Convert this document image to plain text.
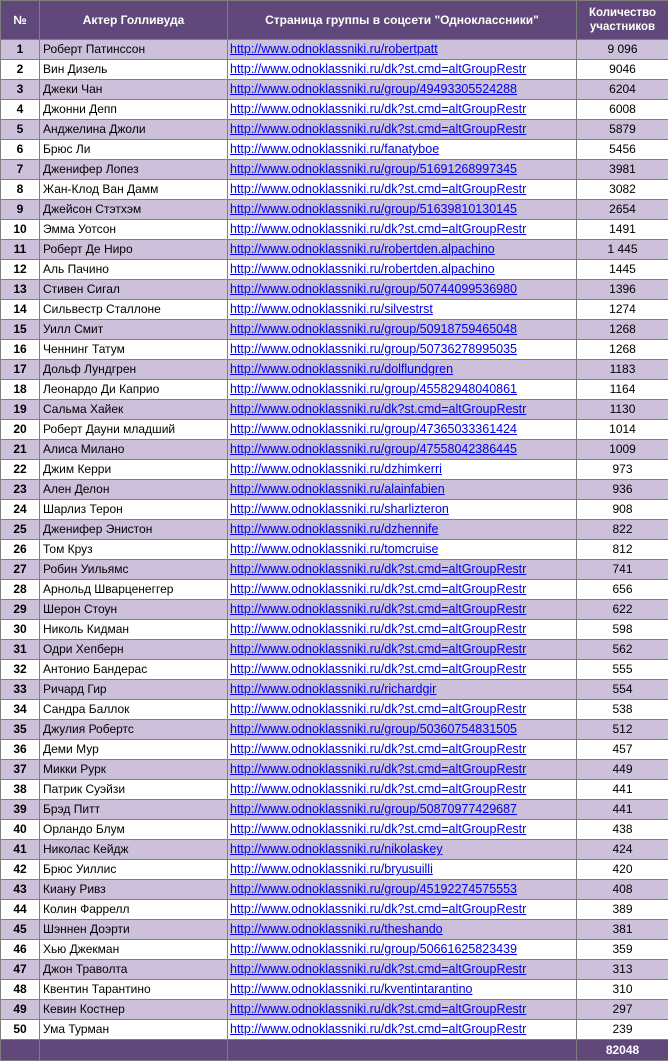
№	Актер Голливуда	Страница группы в соцсети "Одноклассники"	Количество
участников
1	Роберт Патинссон	http://www.odnoklassniki.ru/robertpatt	9 096
2	Вин Дизель	http://www.odnoklassniki.ru/dk?st.cmd=altGroupRestr	9046
3	Джеки Чан	http://www.odnoklassniki.ru/group/49493305524288	6204
4	Джонни Депп	http://www.odnoklassniki.ru/dk?st.cmd=altGroupRestr	6008
5	Анджелина Джоли	http://www.odnoklassniki.ru/dk?st.cmd=altGroupRestr	5879
6	Брюс Ли	http://www.odnoklassniki.ru/fanatyboe	5456
7	Дженифер Лопез	http://www.odnoklassniki.ru/group/51691268997345	3981
8	Жан-Клод Ван Дамм	http://www.odnoklassniki.ru/dk?st.cmd=altGroupRestr	3082
9	Джейсон Стэтхэм	http://www.odnoklassniki.ru/group/51639810130145	2654
10	Эмма Уотсон	http://www.odnoklassniki.ru/dk?st.cmd=altGroupRestr	1491
11	Роберт Де Ниро	http://www.odnoklassniki.ru/robertden.alpachino	1 445
12	Аль Пачино	http://www.odnoklassniki.ru/robertden.alpachino	1445
13	Стивен Сигал	http://www.odnoklassniki.ru/group/50744099536980	1396
14	Сильвестр Сталлоне	http://www.odnoklassniki.ru/silvestrst	1274
15	Уилл Смит	http://www.odnoklassniki.ru/group/50918759465048	1268
16	Ченнинг Татум	http://www.odnoklassniki.ru/group/50736278995035	1268
17	Дольф Лундгрен	http://www.odnoklassniki.ru/dolflundgren	1183
18	Леонардо Ди Каприо	http://www.odnoklassniki.ru/group/45582948040861	1164
19	Сальма Хайек	http://www.odnoklassniki.ru/dk?st.cmd=altGroupRestr	1130
20	Роберт Дауни младший	http://www.odnoklassniki.ru/group/47365033361424	1014
21	Алиса Милано	http://www.odnoklassniki.ru/group/47558042386445	1009
22	Джим Керри	http://www.odnoklassniki.ru/dzhimkerri	973
23	Ален Делон	http://www.odnoklassniki.ru/alainfabien	936
24	Шарлиз Терон	http://www.odnoklassniki.ru/sharlizteron	908
25	Дженифер Энистон	http://www.odnoklassniki.ru/dzhennife	822
26	Том Круз	http://www.odnoklassniki.ru/tomcruise	812
27	Робин Уильямс	http://www.odnoklassniki.ru/dk?st.cmd=altGroupRestr	741
28	Арнольд Шварценеггер	http://www.odnoklassniki.ru/dk?st.cmd=altGroupRestr	656
29	Шерон Стоун	http://www.odnoklassniki.ru/dk?st.cmd=altGroupRestr	622
30	Николь Кидман	http://www.odnoklassniki.ru/dk?st.cmd=altGroupRestr	598
31	Одри Хепберн	http://www.odnoklassniki.ru/dk?st.cmd=altGroupRestr	562
32	Антонио Бандерас	http://www.odnoklassniki.ru/dk?st.cmd=altGroupRestr	555
33	Ричард Гир	http://www.odnoklassniki.ru/richardgir	554
34	Сандра Баллок	http://www.odnoklassniki.ru/dk?st.cmd=altGroupRestr	538
35	Джулия Робертс	http://www.odnoklassniki.ru/group/50360754831505	512
36	Деми Мур	http://www.odnoklassniki.ru/dk?st.cmd=altGroupRestr	457
37	Микки Рурк	http://www.odnoklassniki.ru/dk?st.cmd=altGroupRestr	449
38	Патрик Суэйзи	http://www.odnoklassniki.ru/dk?st.cmd=altGroupRestr	441
39	Брэд Питт	http://www.odnoklassniki.ru/group/50870977429687	441
40	Орландо Блум	http://www.odnoklassniki.ru/dk?st.cmd=altGroupRestr	438
41	Николас Кейдж	http://www.odnoklassniki.ru/nikolaskey	424
42	Брюс Уиллис	http://www.odnoklassniki.ru/bryusuilli	420
43	Киану Ривз	http://www.odnoklassniki.ru/group/45192274575553	408
44	Колин Фаррелл	http://www.odnoklassniki.ru/dk?st.cmd=altGroupRestr	389
45	Шэннен Доэрти	http://www.odnoklassniki.ru/theshando	381
46	Хью Джекман	http://www.odnoklassniki.ru/group/50661625823439	359
47	Джон Траволта	http://www.odnoklassniki.ru/dk?st.cmd=altGroupRestr	313
48	Квентин Тарантино	http://www.odnoklassniki.ru/kventintarantino	310
49	Кевин Костнер	http://www.odnoklassniki.ru/dk?st.cmd=altGroupRestr	297
50	Ума Турман	http://www.odnoklassniki.ru/dk?st.cmd=altGroupRestr	239
			82048
